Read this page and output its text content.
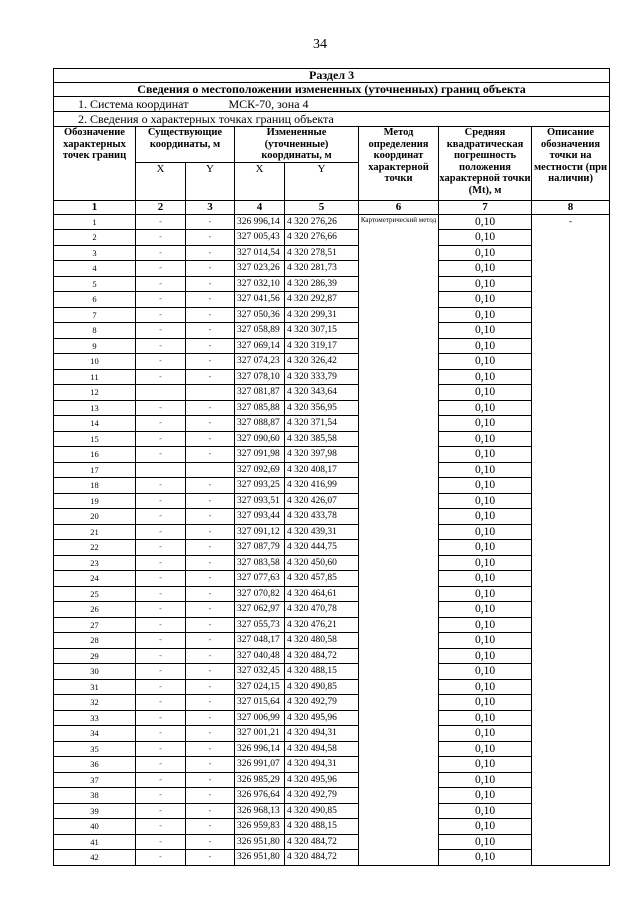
34
Раздел 3							
Сведения о местоположении измененных (уточненных) границ объекта							
1. Система координат МСК-70, зона 4							
2. Сведения о характерных точках границ объекта							
Обозначение характерных точек границ	Существующие координаты, м		Измененные (уточненные) координаты, м		Метод определения координат характерной точки	Средняя квадратическая погрешность положения характерной точки (Mt), м	Описание обозначения точки на местности (при наличии)
	X	Y	X	Y			
1	2	3	4	5	6	7	8
1	-	-	326 996,14	4 320 276,26	Картометрический метод	0,10	-
2	-	-	327 005,43	4 320 276,66		0,10	
3	-	-	327 014,54	4 320 278,51		0,10	
4	-	-	327 023,26	4 320 281,73		0,10	
5	-	-	327 032,10	4 320 286,39		0,10	
6	-	-	327 041,56	4 320 292,87		0,10	
7	-	-	327 050,36	4 320 299,31		0,10	
8	-	-	327 058,89	4 320 307,15		0,10	
9	-	-	327 069,14	4 320 319,17		0,10	
10	-	-	327 074,23	4 320 326,42		0,10	
11	-	-	327 078,10	4 320 333,79		0,10	
12			327 081,87	4 320 343,64		0,10	
13	-	-	327 085,88	4 320 356,95		0,10	
14	-	-	327 088,87	4 320 371,54		0,10	
15	-	-	327 090,60	4 320 385,58		0,10	
16	-	-	327 091,98	4 320 397,98		0,10	
17			327 092,69	4 320 408,17		0,10	
18	-	-	327 093,25	4 320 416,99		0,10	
19	-	-	327 093,51	4 320 426,07		0,10	
20	-	-	327 093,44	4 320 433,78		0,10	
21	-	-	327 091,12	4 320 439,31		0,10	
22	-	-	327 087,79	4 320 444,75		0,10	
23	-	-	327 083,58	4 320 450,60		0,10	
24	-	-	327 077,63	4 320 457,85		0,10	
25	-	-	327 070,82	4 320 464,61		0,10	
26	-	-	327 062,97	4 320 470,78		0,10	
27	-	-	327 055,73	4 320 476,21		0,10	
28	-	-	327 048,17	4 320 480,58		0,10	
29	-	-	327 040,48	4 320 484,72		0,10	
30	-	-	327 032,45	4 320 488,15		0,10	
31	-	-	327 024,15	4 320 490,85		0,10	
32	-	-	327 015,64	4 320 492,79		0,10	
33	-	-	327 006,99	4 320 495,96		0,10	
34	-	-	327 001,21	4 320 494,31		0,10	
35	-	-	326 996,14	4 320 494,58		0,10	
36	-	-	326 991,07	4 320 494,31		0,10	
37	-	-	326 985,29	4 320 495,96		0,10	
38	-	-	326 976,64	4 320 492,79		0,10	
39	-	-	326 968,13	4 320 490,85		0,10	
40	-	-	326 959,83	4 320 488,15		0,10	
41	-	-	326 951,80	4 320 484,72		0,10	
42	-	-	326 951,80	4 320 484,72		0,10	
